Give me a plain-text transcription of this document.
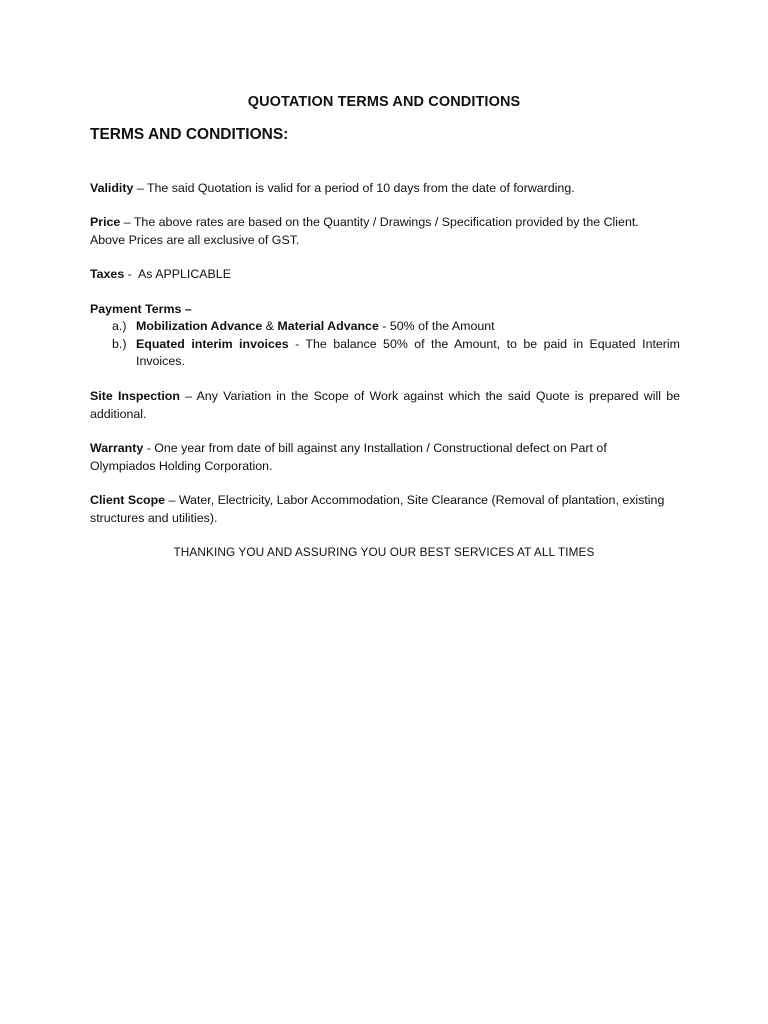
QUOTATION TERMS AND CONDITIONS
TERMS AND CONDITIONS:
Validity – The said Quotation is valid for a period of 10 days from the date of forwarding.
Price – The above rates are based on the Quantity / Drawings / Specification provided by the Client.
Above Prices are all exclusive of GST.
Taxes -  As APPLICABLE
Payment Terms –
a.) Mobilization Advance & Material Advance - 50% of the Amount
b.) Equated interim invoices - The balance 50% of the Amount, to be paid in Equated Interim Invoices.
Site Inspection – Any Variation in the Scope of Work against which the said Quote is prepared will be additional.
Warranty - One year from date of bill against any Installation / Constructional defect on Part of Olympiados Holding Corporation.
Client Scope – Water, Electricity, Labor Accommodation, Site Clearance (Removal of plantation, existing structures and utilities).
THANKING YOU AND ASSURING YOU OUR BEST SERVICES AT ALL TIMES
